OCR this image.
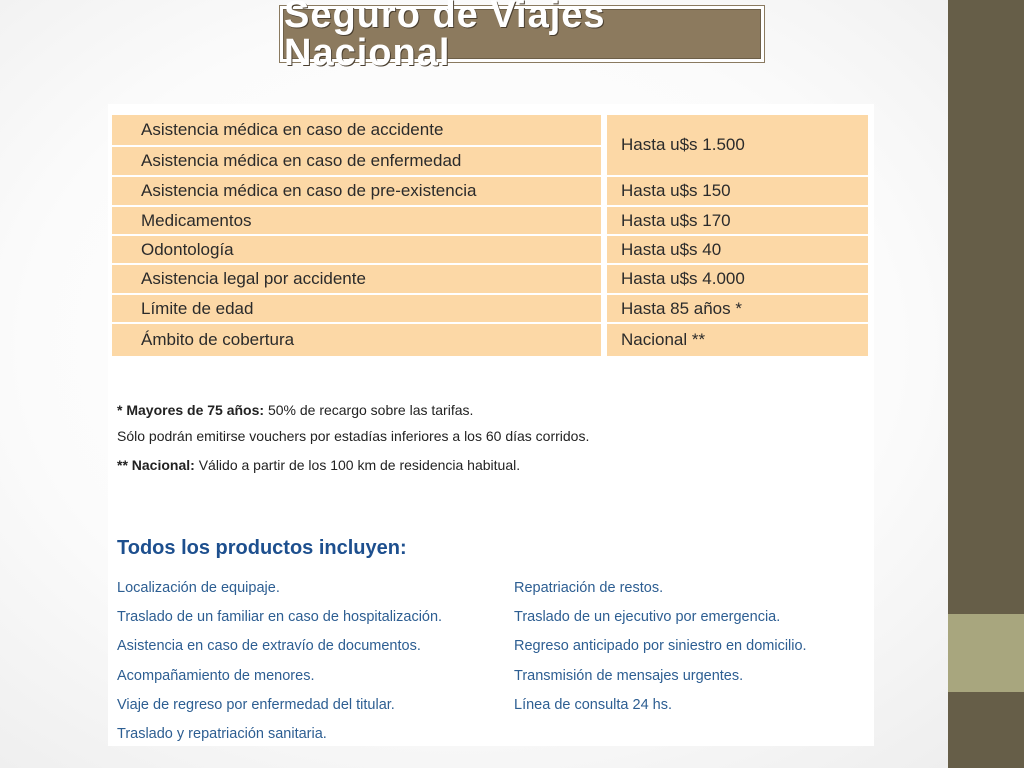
Seguro de Viajes Nacional
Asistencia médica en caso de accidente
Asistencia médica en caso de enfermedad
Asistencia médica en caso de pre-existencia
Medicamentos
Odontología
Asistencia legal por accidente
Límite de edad
Ámbito de cobertura
Hasta u$s 1.500
Hasta u$s 150
Hasta u$s 170
Hasta u$s 40
Hasta u$s 4.000
Hasta 85 años *
Nacional **
* Mayores de 75 años: 50% de recargo sobre las tarifas.
Sólo podrán emitirse vouchers por estadías inferiores a los 60 días corridos.
** Nacional: Válido a partir de los 100 km de residencia habitual.
Todos los productos incluyen:
Localización de equipaje.
Traslado de un familiar en caso de hospitalización.
Asistencia en caso de extravío de documentos.
Acompañamiento de menores.
Viaje de regreso por enfermedad del titular.
Traslado y repatriación sanitaria.
Repatriación de restos.
Traslado de un ejecutivo por emergencia.
Regreso anticipado por siniestro en domicilio.
Transmisión de mensajes urgentes.
Línea de consulta 24 hs.
